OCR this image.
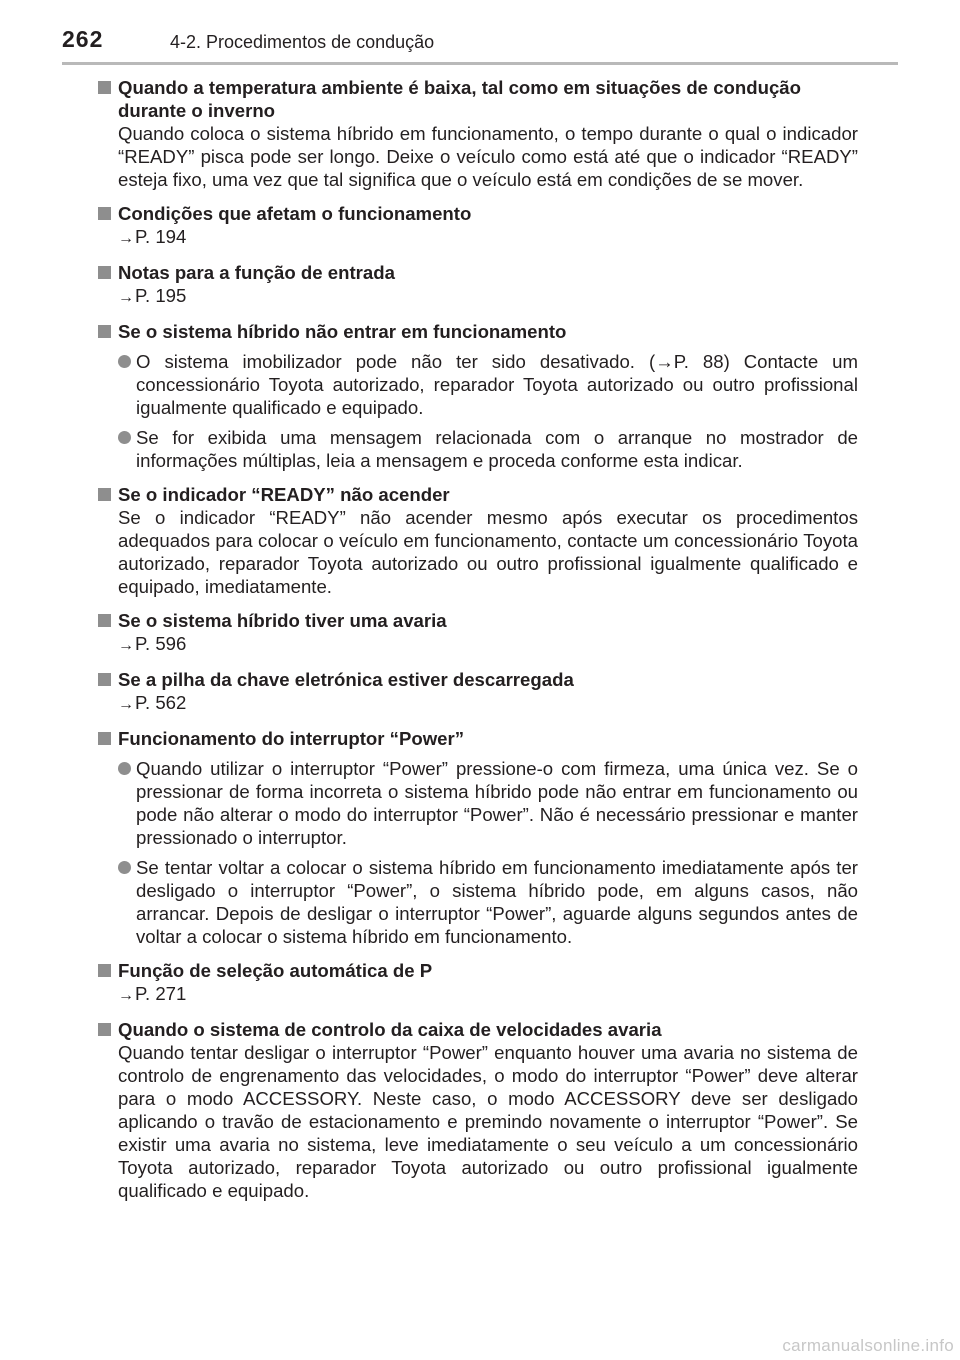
262	4-2. Procedimentos de condução
Quando a temperatura ambiente é baixa, tal como em situações de condução durante o inverno
Quando coloca o sistema híbrido em funcionamento, o tempo durante o qual o indicador “READY” pisca pode ser longo. Deixe o veículo como está até que o indicador “READY” esteja fixo, uma vez que tal significa que o veículo está em condições de se mover.
Condições que afetam o funcionamento
→P. 194
Notas para a função de entrada
→P. 195
Se o sistema híbrido não entrar em funcionamento
O sistema imobilizador pode não ter sido desativado. (→P. 88) Contacte um concessionário Toyota autorizado, reparador Toyota autorizado ou outro profissional igualmente qualificado e equipado.
Se for exibida uma mensagem relacionada com o arranque no mostrador de informações múltiplas, leia a mensagem e proceda conforme esta indicar.
Se o indicador “READY” não acender
Se o indicador “READY” não acender mesmo após executar os procedimentos adequados para colocar o veículo em funcionamento, contacte um concessionário Toyota autorizado, reparador Toyota autorizado ou outro profissional igualmente qualificado e equipado, imediatamente.
Se o sistema híbrido tiver uma avaria
→P. 596
Se a pilha da chave eletrónica estiver descarregada
→P. 562
Funcionamento do interruptor “Power”
Quando utilizar o interruptor “Power” pressione-o com firmeza, uma única vez. Se o pressionar de forma incorreta o sistema híbrido pode não entrar em funcionamento ou pode não alterar o modo do interruptor “Power”. Não é necessário pressionar e manter pressionado o interruptor.
Se tentar voltar a colocar o sistema híbrido em funcionamento imediatamente após ter desligado o interruptor “Power”, o sistema híbrido pode, em alguns casos, não arrancar. Depois de desligar o interruptor “Power”, aguarde alguns segundos antes de voltar a colocar o sistema híbrido em funcionamento.
Função de seleção automática de P
→P. 271
Quando o sistema de controlo da caixa de velocidades avaria
Quando tentar desligar o interruptor “Power” enquanto houver uma avaria no sistema de controlo de engrenamento das velocidades, o modo do interruptor “Power” deve alterar para o modo ACCESSORY. Neste caso, o modo ACCESSORY deve ser desligado aplicando o travão de estacionamento e premindo novamente o interruptor “Power”. Se existir uma avaria no sistema, leve imediatamente o seu veículo a um concessionário Toyota autorizado, reparador Toyota autorizado ou outro profissional igualmente qualificado e equipado.
carmanualsonline.info
